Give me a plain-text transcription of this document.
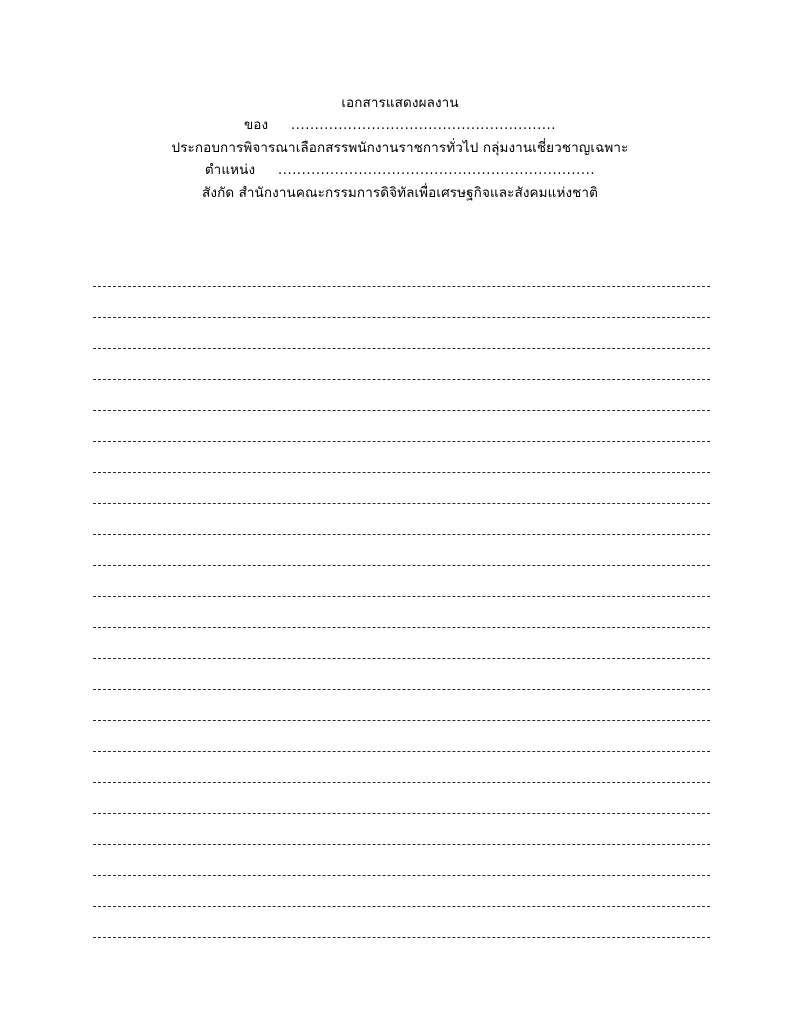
เอกสารแสดงผลงาน
ของ ........................................................
ประกอบการพิจารณาเลือกสรรพนักงานราชการทั่วไป กลุ่มงานเชี่ยวชาญเฉพาะ
ตำแหน่ง ...................................................................
สังกัด สำนักงานคณะกรรมการดิจิทัลเพื่อเศรษฐกิจและสังคมแห่งชาติ
